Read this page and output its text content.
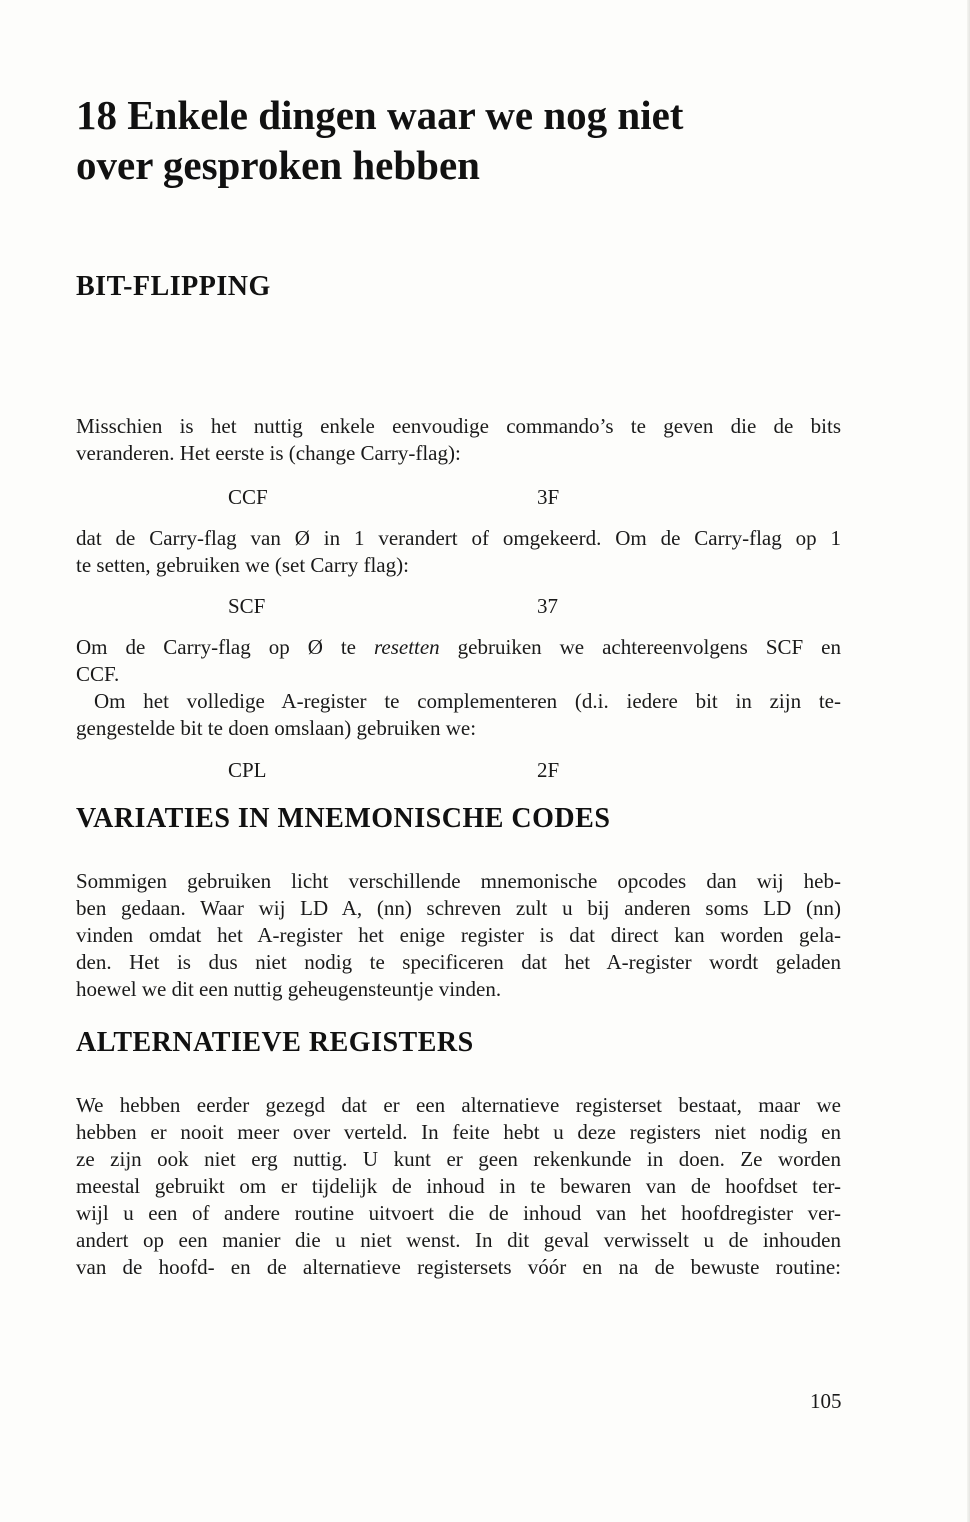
18 Enkele dingen waar we nog niet
over gesproken hebben
BIT-FLIPPING
Misschien is het nuttig enkele eenvoudige commando’s te geven die de bits
veranderen. Het eerste is (change Carry-flag):
CCF	3F
dat de Carry-flag van Ø in 1 verandert of omgekeerd. Om de Carry-flag op 1
te setten, gebruiken we (set Carry flag):
SCF	37
Om de Carry-flag op Ø te resetten gebruiken we achtereenvolgens SCF en
CCF.
Om het volledige A-register te complementeren (d.i. iedere bit in zijn te-
gengestelde bit te doen omslaan) gebruiken we:
CPL	2F
VARIATIES IN MNEMONISCHE CODES
Sommigen gebruiken licht verschillende mnemonische opcodes dan wij heb-
ben gedaan. Waar wij LD A, (nn) schreven zult u bij anderen soms LD (nn)
vinden omdat het A-register het enige register is dat direct kan worden gela-
den. Het is dus niet nodig te specificeren dat het A-register wordt geladen
hoewel we dit een nuttig geheugensteuntje vinden.
ALTERNATIEVE REGISTERS
We hebben eerder gezegd dat er een alternatieve registerset bestaat, maar we
hebben er nooit meer over verteld. In feite hebt u deze registers niet nodig en
ze zijn ook niet erg nuttig. U kunt er geen rekenkunde in doen. Ze worden
meestal gebruikt om er tijdelijk de inhoud in te bewaren van de hoofdset ter-
wijl u een of andere routine uitvoert die de inhoud van het hoofdregister ver-
andert op een manier die u niet wenst. In dit geval verwisselt u de inhouden
van de hoofd- en de alternatieve registersets vóór en na de bewuste routine:
105
